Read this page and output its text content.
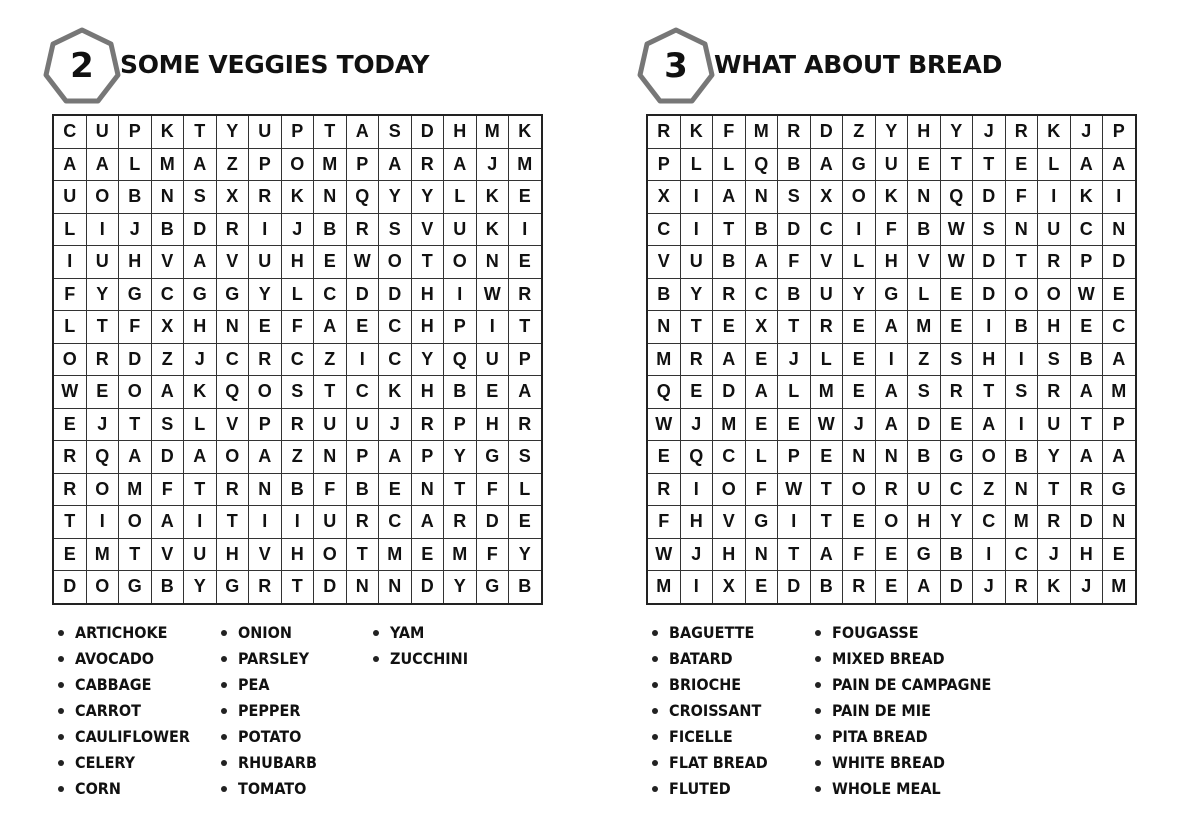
2	SOME VEGGIES TODAY
C	U	P	K	T	Y	U	P	T	A	S	D	H	M	K
A	A	L	M	A	Z	P	O	M	P	A	R	A	J	M
U	O	B	N	S	X	R	K	N	Q	Y	Y	L	K	E
L	I	J	B	D	R	I	J	B	R	S	V	U	K	I
I	U	H	V	A	V	U	H	E	W	O	T	O	N	E
F	Y	G	C	G	G	Y	L	C	D	D	H	I	W	R
L	T	F	X	H	N	E	F	A	E	C	H	P	I	T
O	R	D	Z	J	C	R	C	Z	I	C	Y	Q	U	P
W	E	O	A	K	Q	O	S	T	C	K	H	B	E	A
E	J	T	S	L	V	P	R	U	U	J	R	P	H	R
R	Q	A	D	A	O	A	Z	N	P	A	P	Y	G	S
R	O	M	F	T	R	N	B	F	B	E	N	T	F	L
T	I	O	A	I	T	I	I	U	R	C	A	R	D	E
E	M	T	V	U	H	V	H	O	T	M	E	M	F	Y
D	O	G	B	Y	G	R	T	D	N	N	D	Y	G	B
ARTICHOKE
AVOCADO
CABBAGE
CARROT
CAULIFLOWER
CELERY
CORN
ONION
PARSLEY
PEA
PEPPER
POTATO
RHUBARB
TOMATO
YAM
ZUCCHINI
3	WHAT ABOUT BREAD
R	K	F	M	R	D	Z	Y	H	Y	J	R	K	J	P
P	L	L	Q	B	A	G	U	E	T	T	E	L	A	A
X	I	A	N	S	X	O	K	N	Q	D	F	I	K	I
C	I	T	B	D	C	I	F	B	W	S	N	U	C	N
V	U	B	A	F	V	L	H	V	W	D	T	R	P	D
B	Y	R	C	B	U	Y	G	L	E	D	O	O	W	E
N	T	E	X	T	R	E	A	M	E	I	B	H	E	C
M	R	A	E	J	L	E	I	Z	S	H	I	S	B	A
Q	E	D	A	L	M	E	A	S	R	T	S	R	A	M
W	J	M	E	E	W	J	A	D	E	A	I	U	T	P
E	Q	C	L	P	E	N	N	B	G	O	B	Y	A	A
R	I	O	F	W	T	O	R	U	C	Z	N	T	R	G
F	H	V	G	I	T	E	O	H	Y	C	M	R	D	N
W	J	H	N	T	A	F	E	G	B	I	C	J	H	E
M	I	X	E	D	B	R	E	A	D	J	R	K	J	M
BAGUETTE
BATARD
BRIOCHE
CROISSANT
FICELLE
FLAT BREAD
FLUTED
FOUGASSE
MIXED BREAD
PAIN DE CAMPAGNE
PAIN DE MIE
PITA BREAD
WHITE BREAD
WHOLE MEAL
